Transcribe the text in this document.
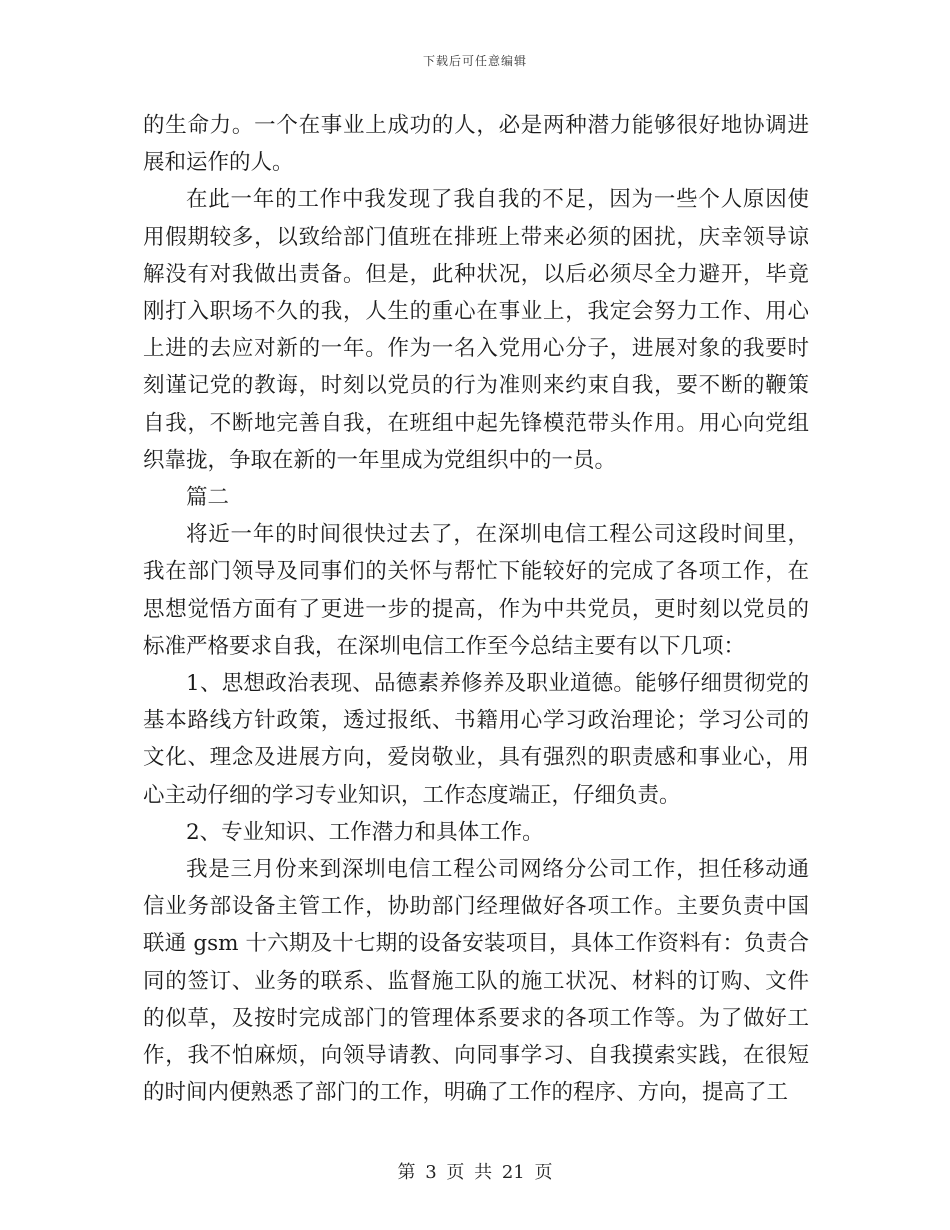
下载后可任意编辑

的生命力。一个在事业上成功的人，必是两种潜力能够很好地协调进展和运作的人。

在此一年的工作中我发现了我自我的不足，因为一些个人原因使用假期较多，以致给部门值班在排班上带来必须的困扰，庆幸领导谅解没有对我做出责备。但是，此种状况，以后必须尽全力避开，毕竟刚打入职场不久的我，人生的重心在事业上，我定会努力工作、用心上进的去应对新的一年。作为一名入党用心分子，进展对象的我要时刻谨记党的教诲，时刻以党员的行为准则来约束自我，要不断的鞭策自我，不断地完善自我，在班组中起先锋模范带头作用。用心向党组织靠拢，争取在新的一年里成为党组织中的一员。

篇二

将近一年的时间很快过去了，在深圳电信工程公司这段时间里，我在部门领导及同事们的关怀与帮忙下能较好的完成了各项工作，在思想觉悟方面有了更进一步的提高，作为中共党员，更时刻以党员的标准严格要求自我，在深圳电信工作至今总结主要有以下几项：

1、思想政治表现、品德素养修养及职业道德。能够仔细贯彻党的基本路线方针政策，透过报纸、书籍用心学习政治理论；学习公司的文化、理念及进展方向，爱岗敬业，具有强烈的职责感和事业心，用心主动仔细的学习专业知识，工作态度端正，仔细负责。

2、专业知识、工作潜力和具体工作。

我是三月份来到深圳电信工程公司网络分公司工作，担任移动通信业务部设备主管工作，协助部门经理做好各项工作。主要负责中国联通 gsm 十六期及十七期的设备安装项目，具体工作资料有：负责合同的签订、业务的联系、监督施工队的施工状况、材料的订购、文件的似草，及按时完成部门的管理体系要求的各项工作等。为了做好工作，我不怕麻烦，向领导请教、向同事学习、自我摸索实践，在很短的时间内便熟悉了部门的工作，明确了工作的程序、方向，提高了工

第 3 页 共 21 页
